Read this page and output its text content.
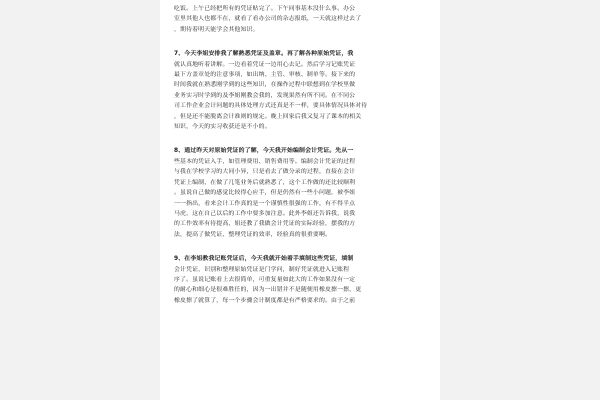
吃饭。上午已经把所有的凭证贴完了。下午同事基本没什么事。办公

室里其他人也都不在，就看了看办公司的杂志报纸，一天就这样过去了

，期待着明天能学会其他知识。

7、今天李姐安排我了解熟悉凭证及盖章。再了解各种原始凭证，我

就认真地听着讲解。一边看着凭证一边用心去记。然后学习记账凭证

最下方盖章处的注意事项，如出纳、主管、审核、制单等。接下来的

时间我就在熟悉刚学到的这些知识，在操作过程中联想到在学校里做

业务实习时学到的及李姐刚教会我的，发现果然有所不同。在不同公

司工作企业会计问题的具体处理方式还真是不一样，要具体情况具体对待

，但是还不能脱离会计准则的规定。晚上回家后我又复习了课本的相关

知识，今天的实习收获还是不小的。

8、通过昨天对原始凭证的了解，今天我开始编制会计凭证。先从一

些基本的凭证入手，如管理费用、销售费用等。编制会计凭证的过程

与我在学校学习的大同小异，只是看去了做分录的过程，直接在会计

凭证上编制，在做了几笔业务后就熟悉了，这个工作做的还比较顺利

。虽说自己做的感觉比较得心应手，但是仍然有一些小问题，被李姐

一一指出，看来会计工作真的是一个谨慎性很强的工作，有不得半点

马虎，这在自己以后的工作中要多加注意。此外李姐还告诉我，说我

的工作效率有待提高，姐还教了我做会计凭证的实际经验，摆我的方

法，提高了做凭证、整理凭证的效率，经验真的很重要啊。

9、在李姐教我记账凭证后，今天我就开始着手填制这些凭证，填制

会计凭证，识别和整理原始凭证是门学问，制好凭证就进入记账程

序了。虽说记账看上去很简单，可重复量如此大的工作如果没有一定

的耐心和细心是很难胜任的，因为一出错并不是随便用橡皮擦一擦，更

橡皮擦了就算了，每一个步骤会计制度都是有严格要求的。由于之前
